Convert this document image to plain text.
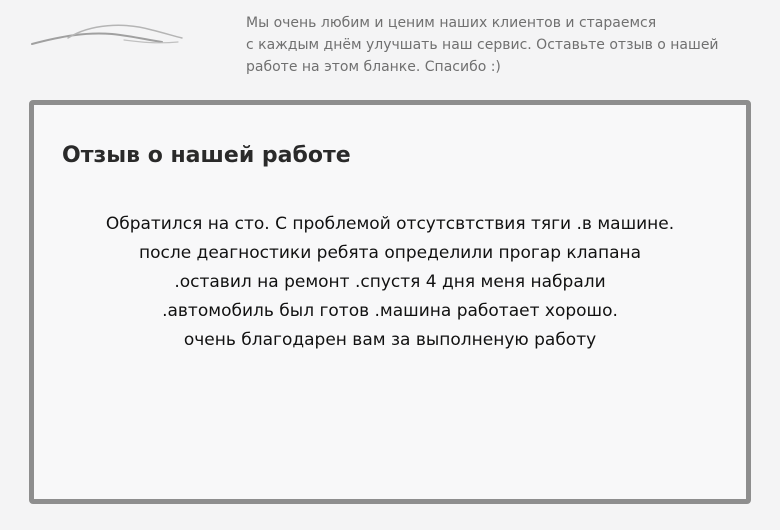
Мы очень любим и ценим наших клиентов и стараемся
с каждым днём улучшать наш сервис. Оставьте отзыв о нашей
работе на этом бланке. Спасибо :)
Отзыв о нашей работе
Обратился на сто. С проблемой отсутсвтствия тяги .в машине.
после деагностики ребята определили прогар клапана
.оставил на ремонт .спустя 4 дня меня набрали
.автомобиль был готов .машина работает хорошо.
очень благодарен вам за выполненую работу
